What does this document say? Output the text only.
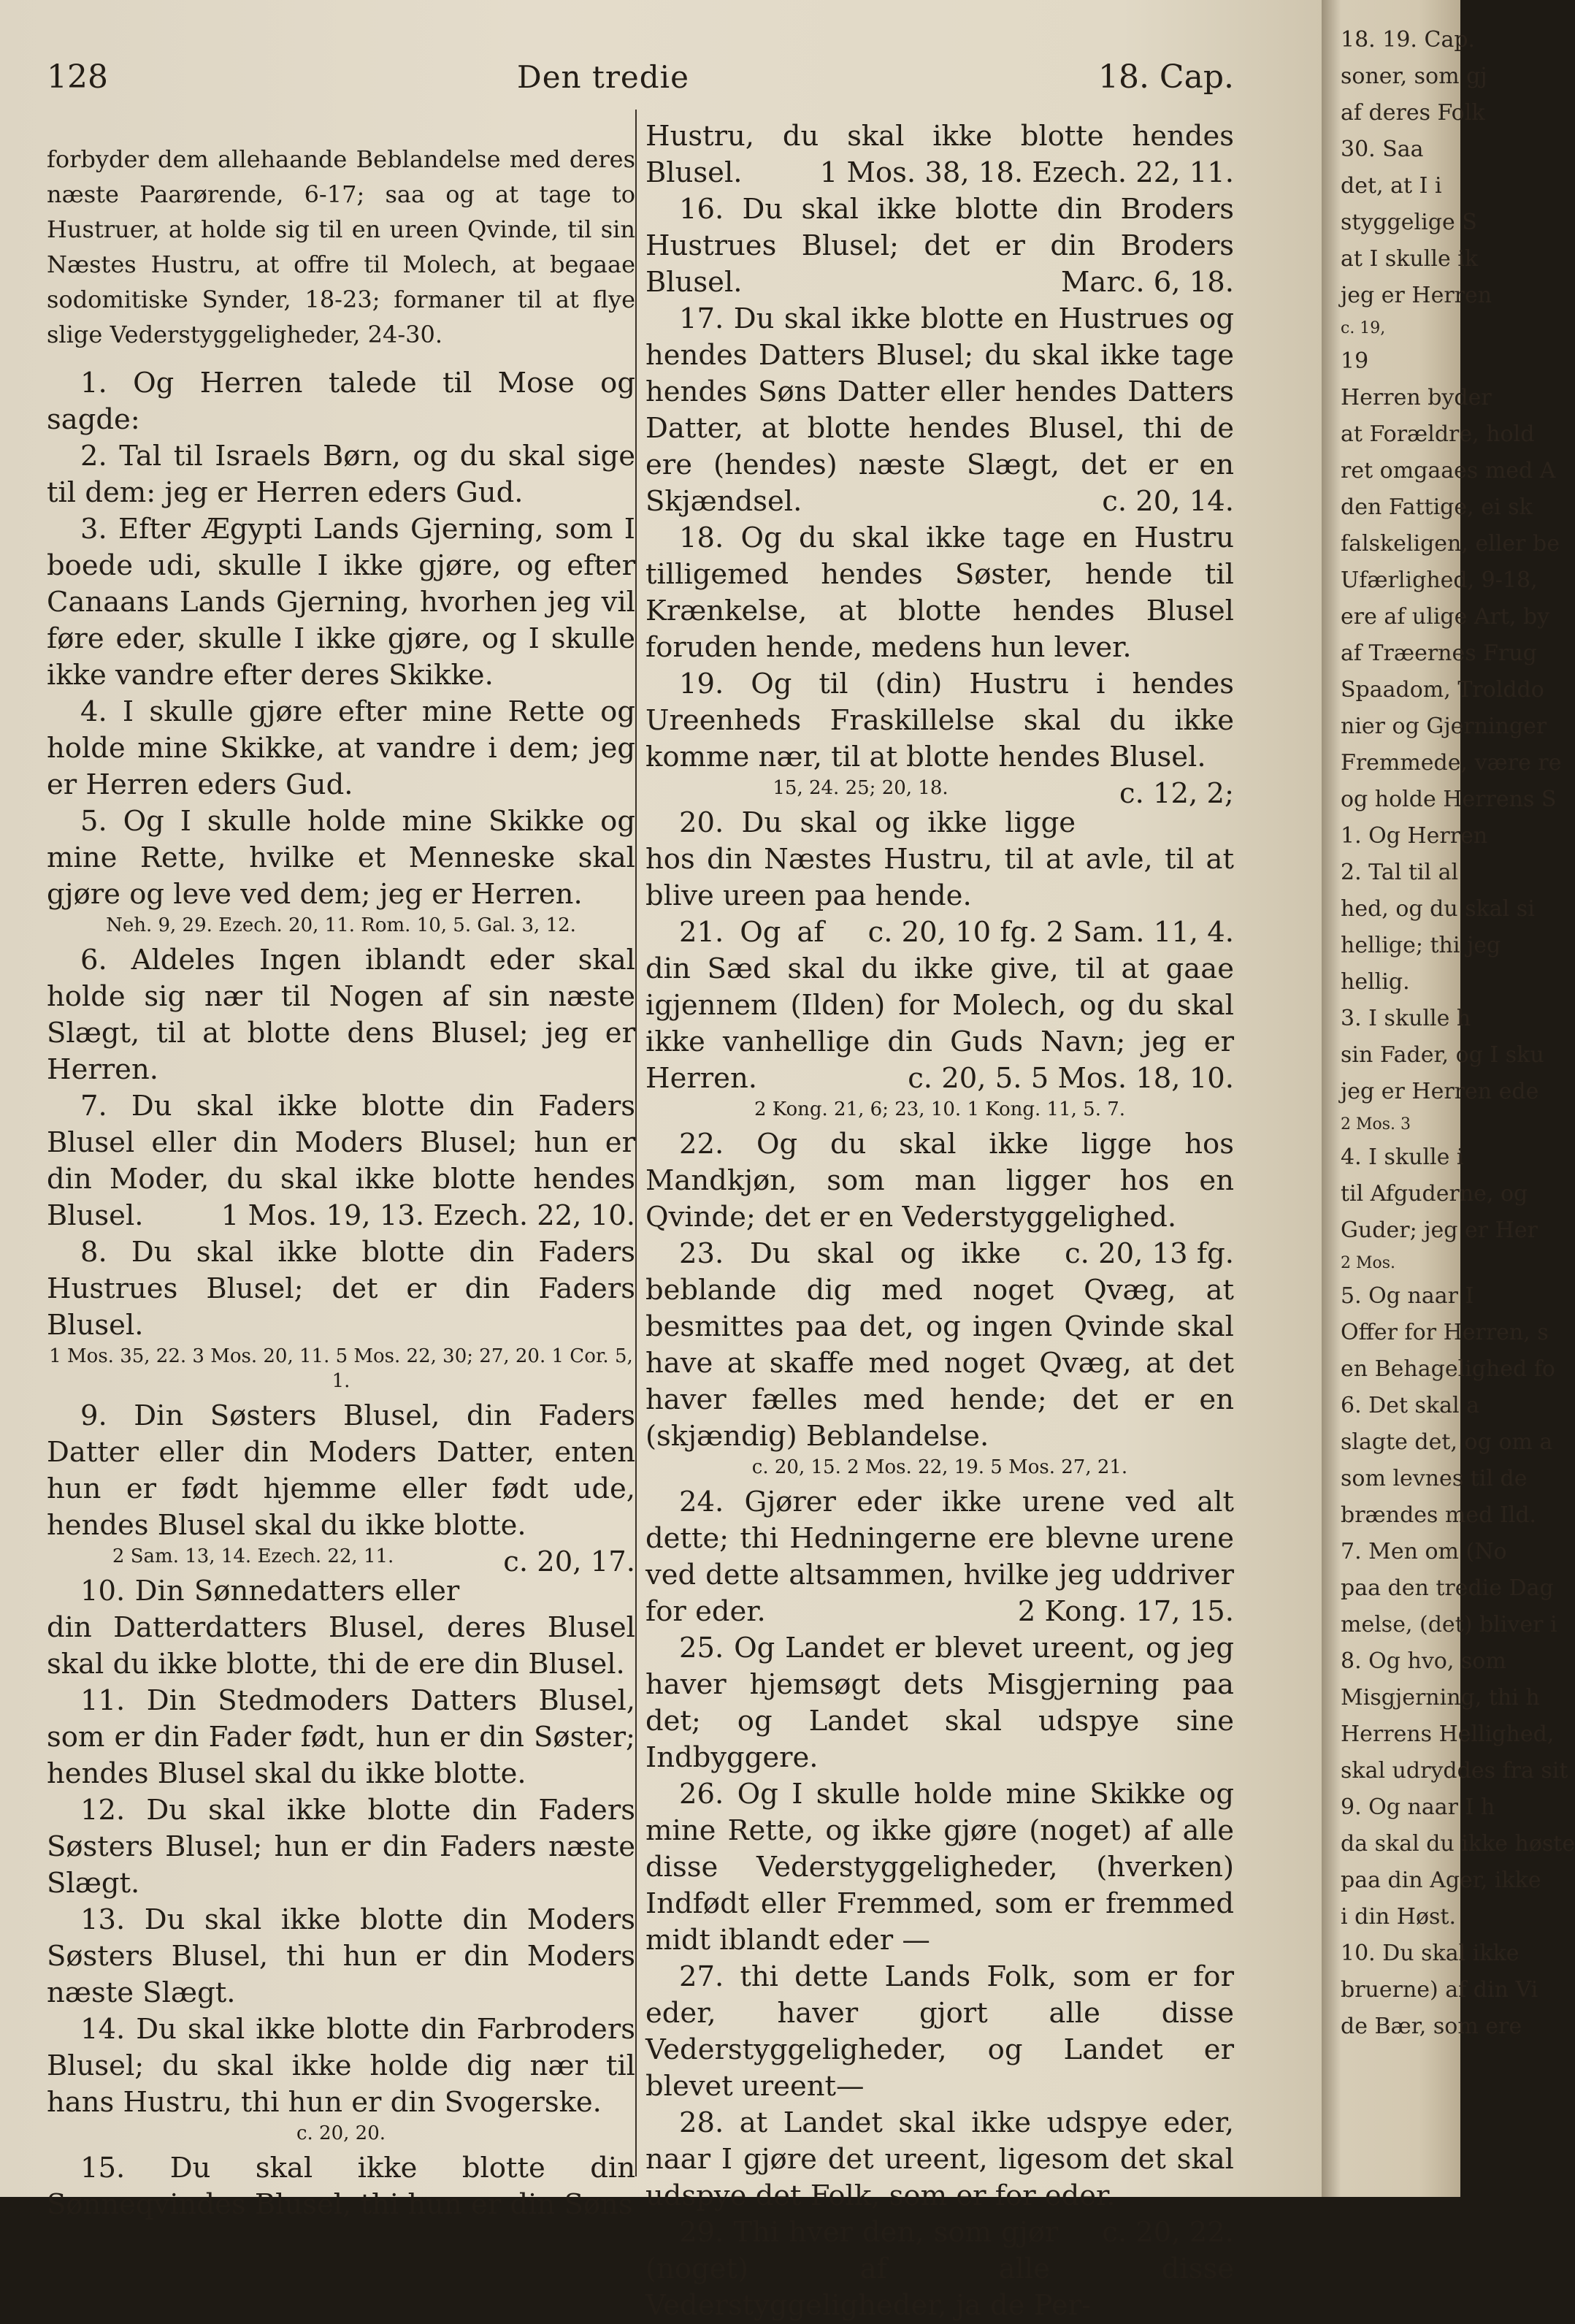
128	Den tredie	18. Cap.

forbyder dem allehaande Beblandelse med deres næste Paarørende, 6-17; saa og at tage to Hustruer, at holde sig til en ureen Qvinde, til sin Næstes Hustru, at offre til Molech, at begaae sodomitiske Synder, 18-23; formaner til at flye slige Vederstyggeligheder, 24-30.

1. Og Herren talede til Mose og sagde:

2. Tal til Israels Børn, og du skal sige til dem: jeg er Herren eders Gud.

3. Efter Ægypti Lands Gjerning, som I boede udi, skulle I ikke gjøre, og efter Canaans Lands Gjerning, hvorhen jeg vil føre eder, skulle I ikke gjøre, og I skulle ikke vandre efter deres Skikke.

4. I skulle gjøre efter mine Rette og holde mine Skikke, at vandre i dem; jeg er Herren eders Gud.

5. Og I skulle holde mine Skikke og mine Rette, hvilke et Menneske skal gjøre og leve ved dem; jeg er Herren.

Neh. 9, 29. Ezech. 20, 11. Rom. 10, 5. Gal. 3, 12.

6. Aldeles Ingen iblandt eder skal holde sig nær til Nogen af sin næste Slægt, til at blotte dens Blusel; jeg er Herren.

7. Du skal ikke blotte din Faders Blusel eller din Moders Blusel; hun er din Moder, du skal ikke blotte hendes Blusel.	1 Mos. 19, 13. Ezech. 22, 10.

8. Du skal ikke blotte din Faders Hustrues Blusel; det er din Faders Blusel.

1 Mos. 35, 22. 3 Mos. 20, 11. 5 Mos. 22, 30; 27, 20. 1 Cor. 5, 1.

9. Din Søsters Blusel, din Faders Datter eller din Moders Datter, enten hun er født hjemme eller født ude, hendes Blusel skal du ikke blotte.
c. 20, 17.

2 Sam. 13, 14. Ezech. 22, 11.

10. Din Sønnedatters eller din Datterdatters Blusel, deres Blusel skal du ikke blotte, thi de ere din Blusel.

11. Din Stedmoders Datters Blusel, som er din Fader født, hun er din Søster; hendes Blusel skal du ikke blotte.

12. Du skal ikke blotte din Faders Søsters Blusel; hun er din Faders næste Slægt.

13. Du skal ikke blotte din Moders Søsters Blusel, thi hun er din Moders næste Slægt.

14. Du skal ikke blotte din Farbroders Blusel; du skal ikke holde dig nær til hans Hustru, thi hun er din Svogerske.

c. 20, 20.

15. Du skal ikke blotte din Sønneqvindes Blusel, thi hun er din Søns

Hustru, du skal ikke blotte hendes Blusel.	1 Mos. 38, 18. Ezech. 22, 11.

16. Du skal ikke blotte din Broders Hustrues Blusel; det er din Broders Blusel.	Marc. 6, 18.

17. Du skal ikke blotte en Hustrues og hendes Datters Blusel; du skal ikke tage hendes Søns Datter eller hendes Datters Datter, at blotte hendes Blusel, thi de ere (hendes) næste Slægt, det er en Skjændsel.	c. 20, 14.

18. Og du skal ikke tage en Hustru tilligemed hendes Søster, hende til Krænkelse, at blotte hendes Blusel foruden hende, medens hun lever.

19. Og til (din) Hustru i hendes Ureenheds Fraskillelse skal du ikke komme nær, til at blotte hendes Blusel.
c. 12, 2;

15, 24. 25; 20, 18.

20. Du skal og ikke ligge hos din Næstes Hustru, til at avle, til at blive ureen paa hende.
c. 20, 10 fg. 2 Sam. 11, 4.

21. Og af din Sæd skal du ikke give, til at gaae igjennem (Ilden) for Molech, og du skal ikke vanhellige din Guds Navn; jeg er Herren.	c. 20, 5. 5 Mos. 18, 10.

2 Kong. 21, 6; 23, 10. 1 Kong. 11, 5. 7.

22. Og du skal ikke ligge hos Mandkjøn, som man ligger hos en Qvinde; det er en Vederstyggelighed.
c. 20, 13 fg.

23. Du skal og ikke beblande dig med noget Qvæg, at besmittes paa det, og ingen Qvinde skal have at skaffe med noget Qvæg, at det haver fælles med hende; det er en (skjændig) Beblandelse.

c. 20, 15. 2 Mos. 22, 19. 5 Mos. 27, 21.

24. Gjører eder ikke urene ved alt dette; thi Hedningerne ere blevne urene ved dette altsammen, hvilke jeg uddriver for eder.	2 Kong. 17, 15.

25. Og Landet er blevet ureent, og jeg haver hjemsøgt dets Misgjerning paa det; og Landet skal udspye sine Indbyggere.

26. Og I skulle holde mine Skikke og mine Rette, og ikke gjøre (noget) af alle disse Vederstyggeligheder, (hverken) Indfødt eller Fremmed, som er fremmed midt iblandt eder —

27. thi dette Lands Folk, som er for eder, haver gjort alle disse Vederstyggeligheder, og Landet er blevet ureent—

28. at Landet skal ikke udspye eder, naar I gjøre det ureent, ligesom det skal udspye det Folk, som er for eder.
c. 20, 22.

29. Thi hver den, som gjør (noget) af alle disse Vederstyggeligheder, ja de Per-

18. 19. Cap.
soner, som gj
af deres Folk
30. Saa
det, at I i
styggelige S
at I skulle ik
jeg er Herren
c. 19,
19
Herren byder
at Forældre, hold
ret omgaaes med A
den Fattige, ei sk
falskeligen, eller be
Ufærlighed, 9-18,
ere af ulige Art, by
af Træernes Frug
Spaadom, Trolddo
nier og Gjerninger
Fremmede, være re
og holde Herrens S
1. Og Herren
2. Tal til al
hed, og du skal si
hellige; thi jeg
hellig.
3. I skulle h
sin Fader, og I sku
jeg er Herren ede
2 Mos. 3
4. I skulle i
til Afguderne, og
Guder; jeg er Her
2 Mos.
5. Og naar I
Offer for Herren, s
en Behagelighed fo
6. Det skal a
slagte det, og om a
som levnes til de
brændes med Ild.
7. Men om (No
paa den tredie Dag
melse, (det) bliver i
8. Og hvo, som
Misgjerning, thi h
Herrens Hellighed,
skal udryddes fra sit
9. Og naar I h
da skal du ikke høste
paa din Ager, ikke
i din Høst.
10. Du skal ikke
bruerne) af din Vi
de Bær, som ere
